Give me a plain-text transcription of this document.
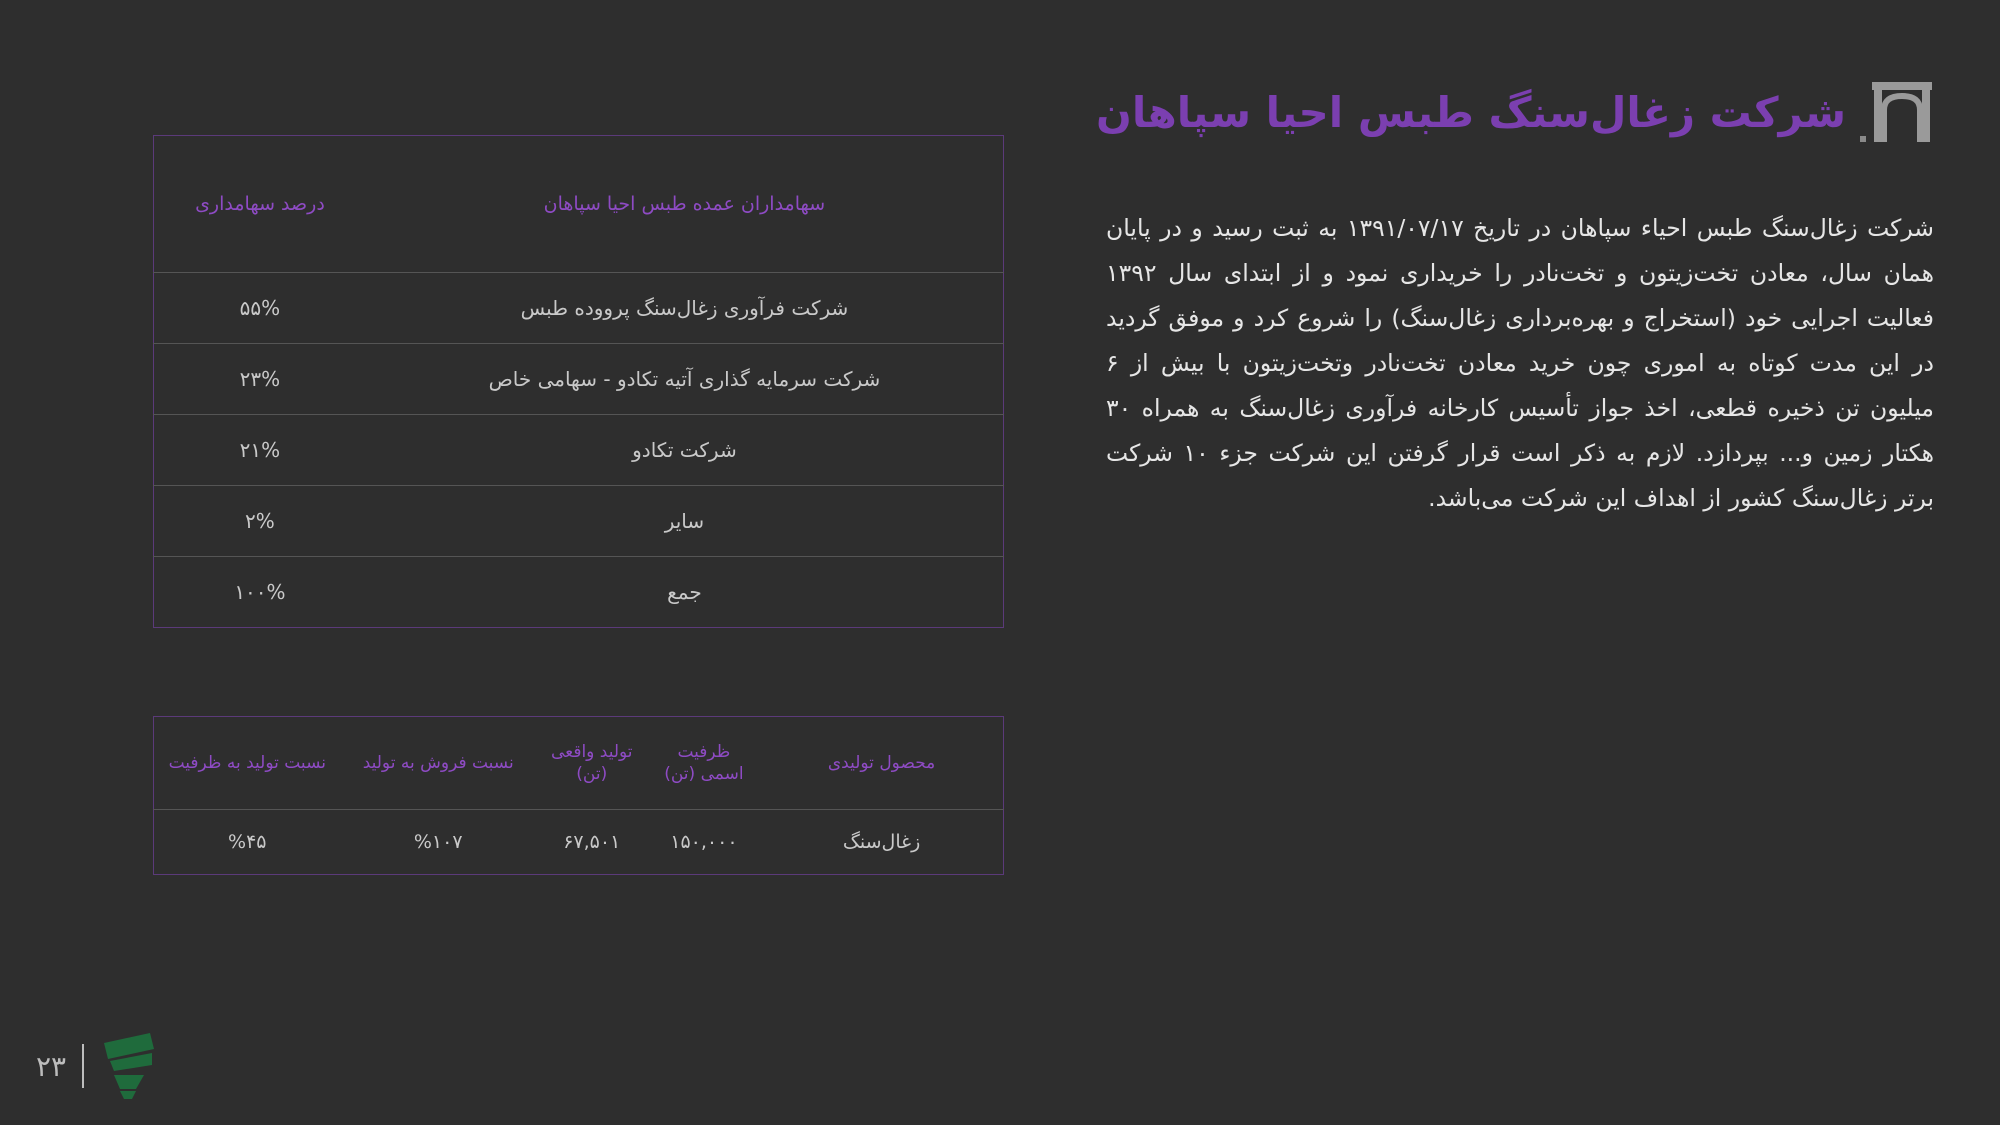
شرکت زغال‌سنگ طبس احیا سپاهان

شرکت زغال‌سنگ طبس احیاء سپاهان در تاریخ ۱۳۹۱/۰۷/۱۷ به ثبت رسید و در پایان همان سال، معادن تخت‌زیتون و تخت‌نادر را خریداری نمود و از ابتدای سال ۱۳۹۲ فعالیت اجرایی خود (استخراج و بهره‌برداری زغال‌سنگ) را شروع کرد و موفق گردید در این مدت کوتاه به اموری چون خرید معادن تخت‌نادر وتخت‌زیتون با بیش از ۶ میلیون تن ذخیره قطعی، اخذ جواز تأسیس کارخانه فرآوری زغال‌سنگ به همراه ۳۰ هکتار زمین و... بپردازد. لازم به ذکر است قرار گرفتن این شرکت جزء ۱۰ شرکت برتر زغال‌سنگ کشور از اهداف این شرکت می‌باشد.

سهامداران عمده طبس احیا سپاهان	درصد سهامداری
شرکت فرآوری زغال‌سنگ پرووده طبس	۵۵%
شرکت سرمایه گذاری آتیه تکادو - سهامی خاص	۲۳%
شرکت تکادو	۲۱%
سایر	۲%
جمع	۱۰۰%
محصول تولیدی	ظرفیت اسمی (تن)	تولید واقعی (تن)	نسبت فروش به تولید	نسبت تولید به ظرفیت
زغال‌سنگ	۱۵۰,۰۰۰	۶۷,۵۰۱	%۱۰۷	%۴۵
۲۳
